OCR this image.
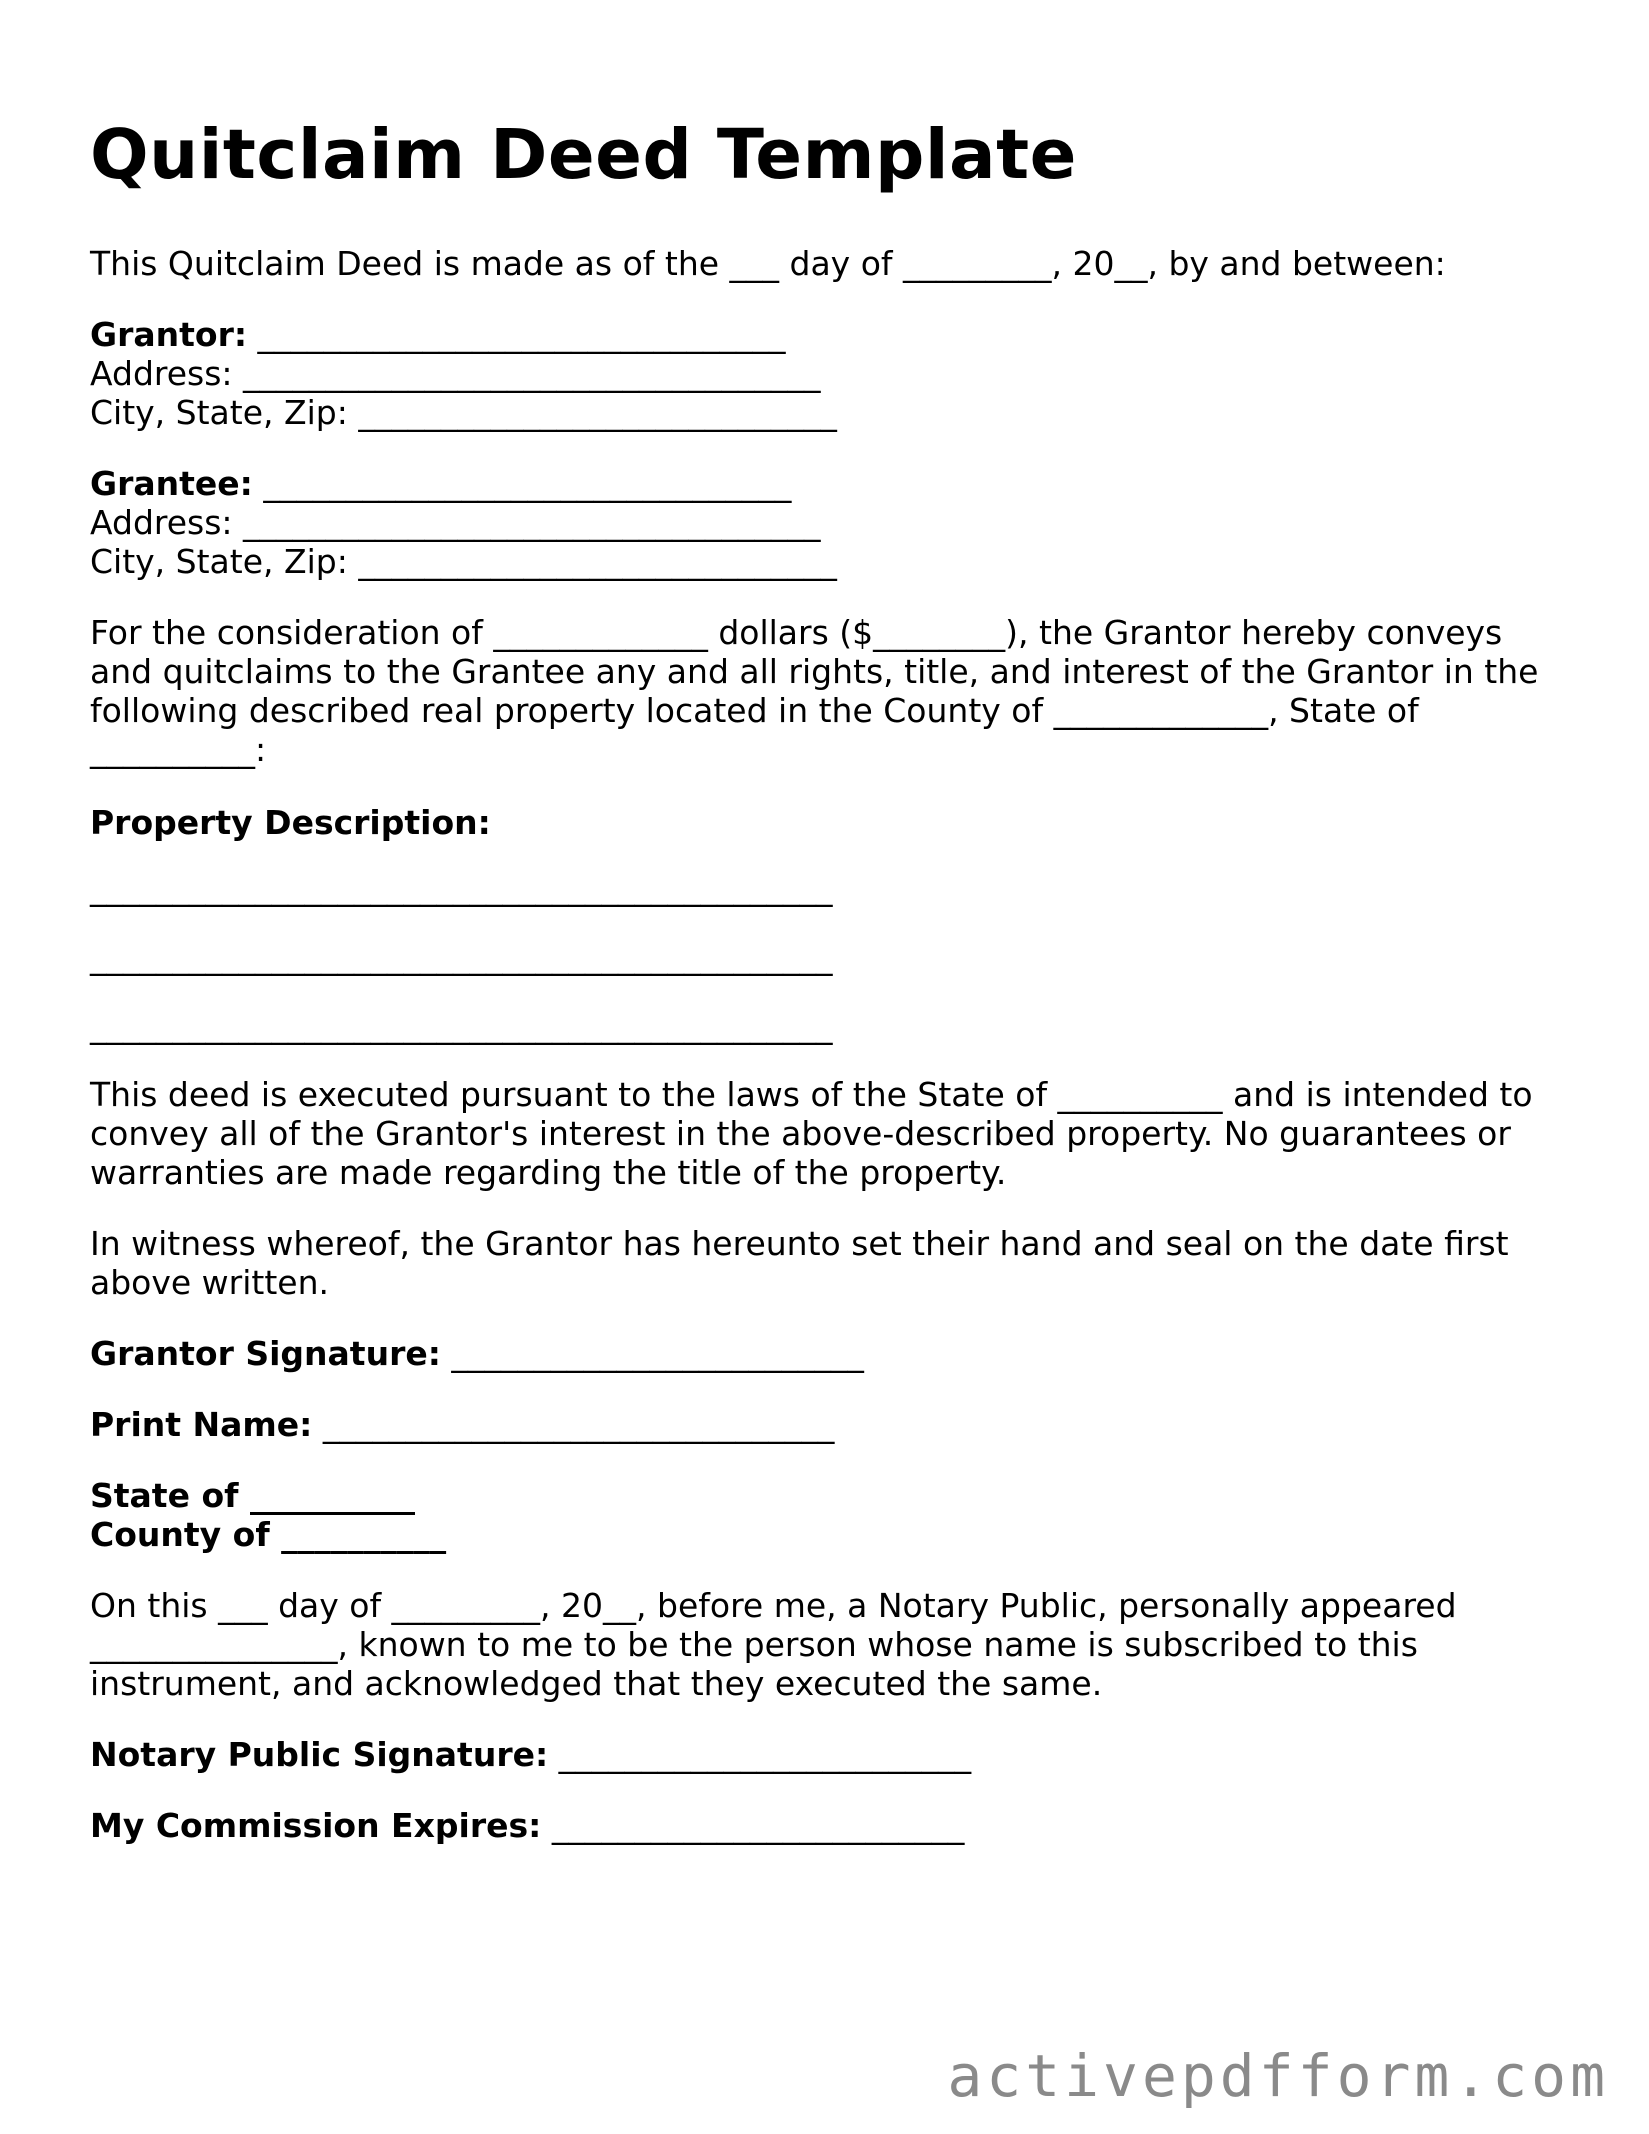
Quitclaim Deed Template

This Quitclaim Deed is made as of the ___ day of _________, 20__, by and between:

Grantor: ________________________________
Address: ___________________________________
City, State, Zip: _____________________________
Grantee: ________________________________
Address: ___________________________________
City, State, Zip: _____________________________

For the consideration of _____________ dollars ($________), the Grantor hereby conveys and quitclaims to the Grantee any and all rights, title, and interest of the Grantor in the following described real property located in the County of _____________, State of __________:

Property Description:
_____________________________________________
_____________________________________________
_____________________________________________

This deed is executed pursuant to the laws of the State of __________ and is intended to convey all of the Grantor's interest in the above-described property. No guarantees or warranties are made regarding the title of the property.

In witness whereof, the Grantor has hereunto set their hand and seal on the date first above written.

Grantor Signature: _________________________

Print Name: _______________________________

State of __________
County of __________

On this ___ day of _________, 20__, before me, a Notary Public, personally appeared _______________, known to me to be the person whose name is subscribed to this instrument, and acknowledged that they executed the same.

Notary Public Signature: _________________________

My Commission Expires: _________________________

activepdfform.com
